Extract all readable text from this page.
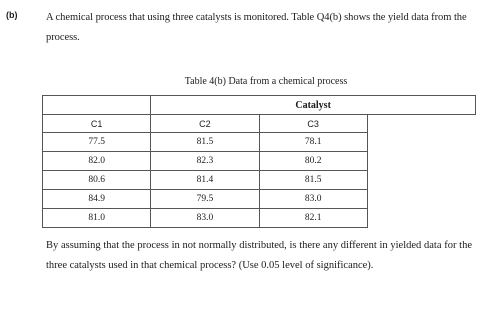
(b)	A chemical process that using three catalysts is monitored. Table Q4(b) shows the yield data from the process.
Table 4(b) Data from a chemical process
	Catalyst	
C1	C2	C3
77.5	81.5	78.1
82.0	82.3	80.2
80.6	81.4	81.5
84.9	79.5	83.0
81.0	83.0	82.1
By assuming that the process in not normally distributed, is there any different in yielded data for the three catalysts used in that chemical process? (Use 0.05 level of significance).
